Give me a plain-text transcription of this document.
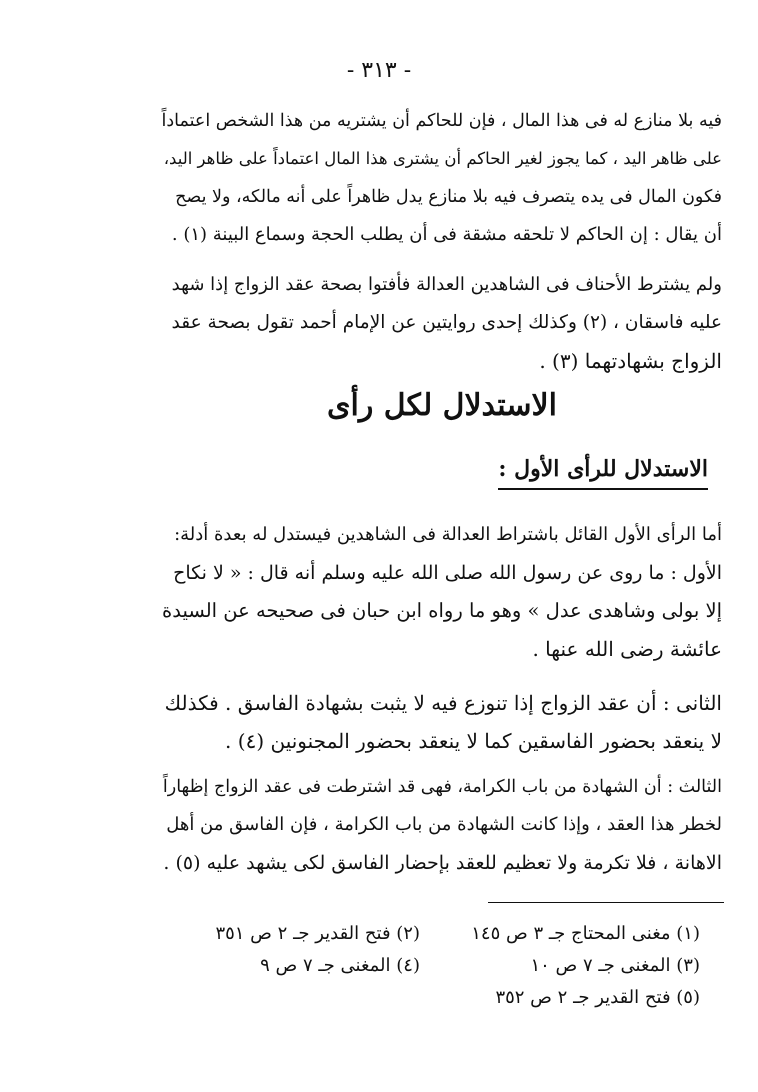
- ٣١٣ -
فيه بلا منازع له فى هذا المال ، فإن للحاكم أن يشتريه من هذا الشخص اعتماداً
على ظاهر اليد ، كما يجوز لغير الحاكم أن يشترى هذا المال اعتماداً على ظاهر اليد،
فكون المال فى يده يتصرف فيه بلا منازع يدل ظاهراً على أنه مالكه، ولا يصح
أن يقال : إن الحاكم لا تلحقه مشقة فى أن يطلب الحجة وسماع البينة (١) .
ولم يشترط الأحناف فى الشاهدين العدالة فأفتوا بصحة عقد الزواج إذا شهد
عليه فاسقان ، (٢) وكذلك إحدى روايتين عن الإمام أحمد تقول بصحة عقد
الزواج بشهادتهما (٣) .
الاستدلال لكل رأى
الاستدلال للرأى الأول :
أما الرأى الأول القائل باشتراط العدالة فى الشاهدين فيستدل له بعدة أدلة:
الأول : ما روى عن رسول الله صلى الله عليه وسلم أنه قال : « لا نكاح
إلا بولى وشاهدى عدل » وهو ما رواه ابن حبان فى صحيحه عن السيدة
عائشة رضى الله عنها .
الثانى : أن عقد الزواج إذا تنوزع فيه لا يثبت بشهادة الفاسق . فكذلك
لا ينعقد بحضور الفاسقين كما لا ينعقد بحضور المجنونين (٤) .
الثالث : أن الشهادة من باب الكرامة، فهى قد اشترطت فى عقد الزواج إظهاراً
لخطر هذا العقد ، وإذا كانت الشهادة من باب الكرامة ، فإن الفاسق من أهل
الاهانة ، فلا تكرمة ولا تعظيم للعقد بإحضار الفاسق لكى يشهد عليه (٥) .
(١) مغنى المحتاج جـ ٣ ص ١٤٥
(٢) فتح القدير جـ ٢ ص ٣٥١
(٣) المغنى جـ ٧ ص ١٠
(٤) المغنى جـ ٧ ص ٩
(٥) فتح القدير جـ ٢ ص ٣٥٢
